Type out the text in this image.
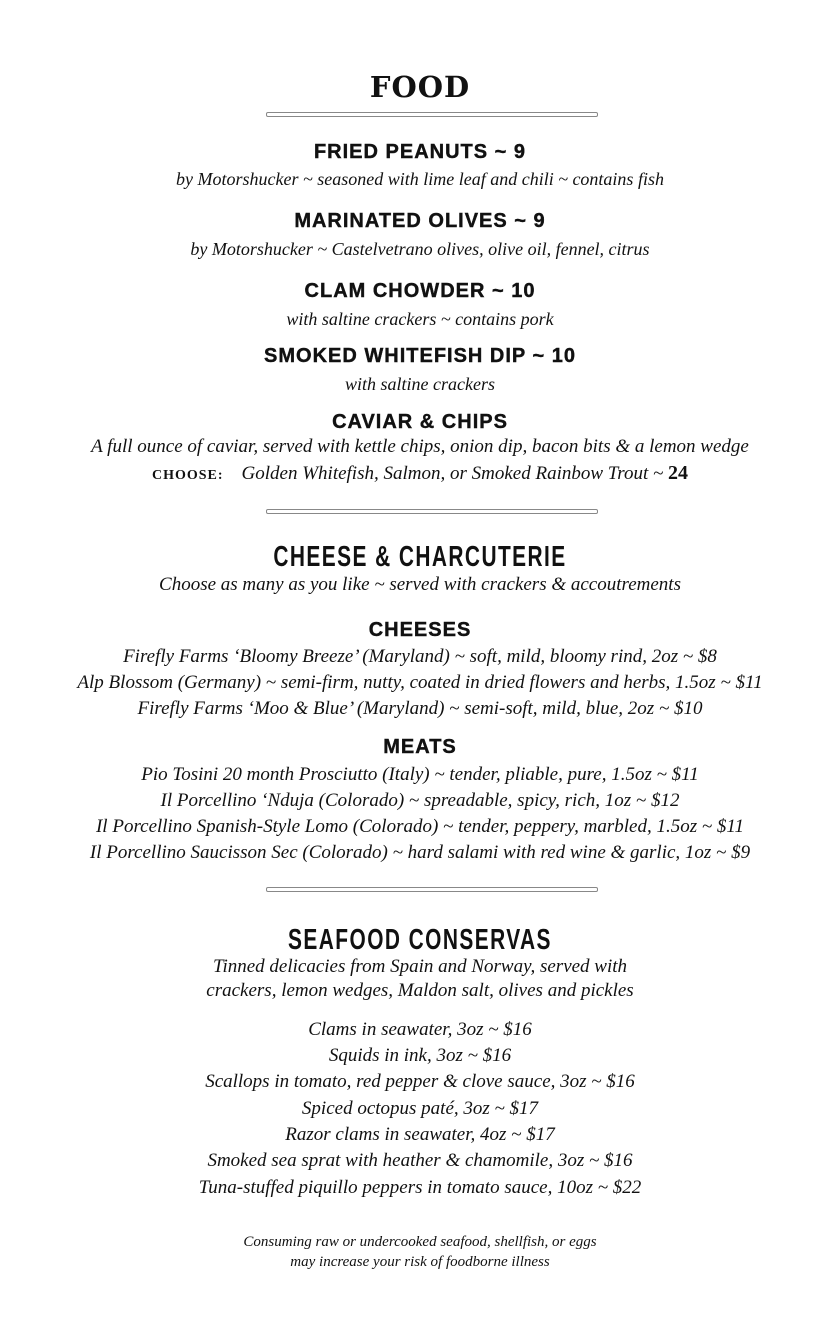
FOOD
FRIED PEANUTS ~ 9
by Motorshucker ~ seasoned with lime leaf and chili ~ contains fish
MARINATED OLIVES ~ 9
by Motorshucker ~ Castelvetrano olives, olive oil, fennel, citrus
CLAM CHOWDER ~ 10
with saltine crackers ~ contains pork
SMOKED WHITEFISH DIP ~ 10
with saltine crackers
CAVIAR & CHIPS
A full ounce of caviar, served with kettle chips, onion dip, bacon bits & a lemon wedge
CHOOSE: Golden Whitefish, Salmon, or Smoked Rainbow Trout ~ 24
CHEESE & CHARCUTERIE
Choose as many as you like ~ served with crackers & accoutrements
CHEESES
Firefly Farms ‘Bloomy Breeze’ (Maryland) ~ soft, mild, bloomy rind, 2oz ~ $8
Alp Blossom (Germany) ~ semi-firm, nutty, coated in dried flowers and herbs, 1.5oz ~ $11
Firefly Farms ‘Moo & Blue’ (Maryland) ~ semi-soft, mild, blue, 2oz ~ $10
MEATS
Pio Tosini 20 month Prosciutto (Italy) ~ tender, pliable, pure, 1.5oz ~ $11
Il Porcellino ‘Nduja (Colorado) ~ spreadable, spicy, rich, 1oz ~ $12
Il Porcellino Spanish-Style Lomo (Colorado) ~ tender, peppery, marbled, 1.5oz ~ $11
Il Porcellino Saucisson Sec (Colorado) ~ hard salami with red wine & garlic, 1oz ~ $9
SEAFOOD CONSERVAS
Tinned delicacies from Spain and Norway, served with
crackers, lemon wedges, Maldon salt, olives and pickles
Clams in seawater, 3oz ~ $16
Squids in ink, 3oz ~ $16
Scallops in tomato, red pepper & clove sauce, 3oz ~ $16
Spiced octopus paté, 3oz ~ $17
Razor clams in seawater, 4oz ~ $17
Smoked sea sprat with heather & chamomile, 3oz ~ $16
Tuna-stuffed piquillo peppers in tomato sauce, 10oz ~ $22
Consuming raw or undercooked seafood, shellfish, or eggs
may increase your risk of foodborne illness
